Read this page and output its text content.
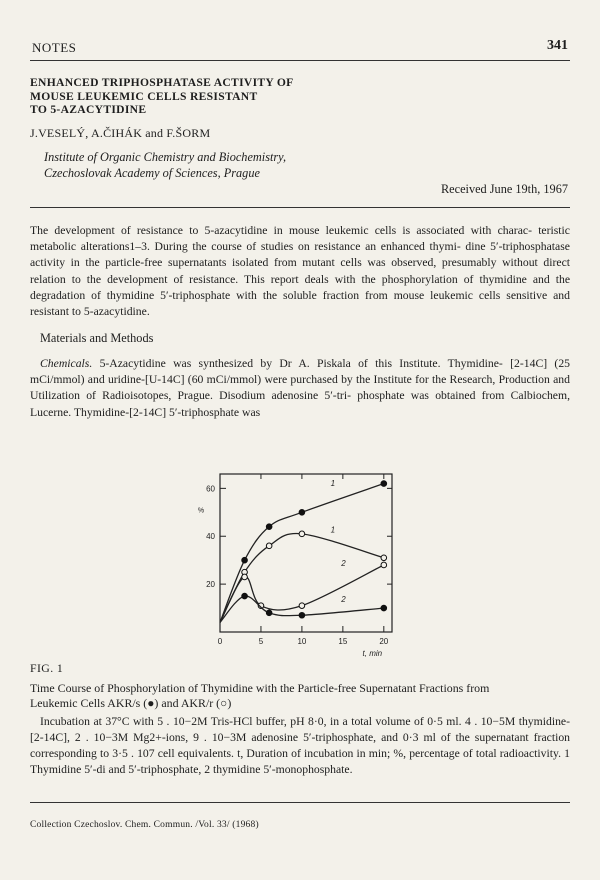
NOTES	341
ENHANCED TRIPHOSPHATASE ACTIVITY OF
MOUSE LEUKEMIC CELLS RESISTANT
TO 5-AZACYTIDINE
J.VESELÝ, A.ČIHÁK and F.ŠORM
Institute of Organic Chemistry and Biochemistry,
Czechoslovak Academy of Sciences, Prague
Received June 19th, 1967

The development of resistance to 5-azacytidine in mouse leukemic cells is associated with charac- teristic metabolic alterations1–3. During the course of studies on resistance an enhanced thymi- dine 5′-triphosphatase activity in the particle-free supernatants isolated from mutant cells was observed, presumably without direct relation to the development of resistance. This report deals with the phosphorylation of thymidine and the degradation of thymidine 5′-triphosphate with the soluble fraction from mouse leukemic cells sensitive and resistant to 5-azacytidine.

Materials and Methods

Chemicals. 5-Azacytidine was synthesized by Dr A. Piskala of this Institute. Thymidine- [2-14C] (25 mCi/mmol) and uridine-[U-14C] (60 mCi/mmol) were purchased by the Institute for the Research, Production and Utilization of Radioisotopes, Prague. Disodium adenosine 5′-tri- phosphate was obtained from Calbiochem, Lucerne. Thymidine-[2-14C] 5′-triphosphate was

0	5	10	15	20
20
40
60
%
t, min
1
1
2
2
FIG. 1

Time Course of Phosphorylation of Thymidine with the Particle-free Supernatant Fractions from
Leukemic Cells AKR/s (●) and AKR/r (○)

Incubation at 37°C with 5 . 10−2M Tris-HCl buffer, pH 8·0, in a total volume of 0·5 ml. 4 . 10−5M thymidine-[2-14C], 2 . 10−3M Mg2+-ions, 9 . 10−3M adenosine 5′-triphosphate, and 0·3 ml of the supernatant fraction corresponding to 3·5 . 107 cell equivalents. t, Duration of incubation in min; %, percentage of total radioactivity. 1 Thymidine 5′-di and 5′-triphosphate, 2 thymidine 5′-monophosphate.

Collection Czechoslov. Chem. Commun. /Vol. 33/ (1968)
